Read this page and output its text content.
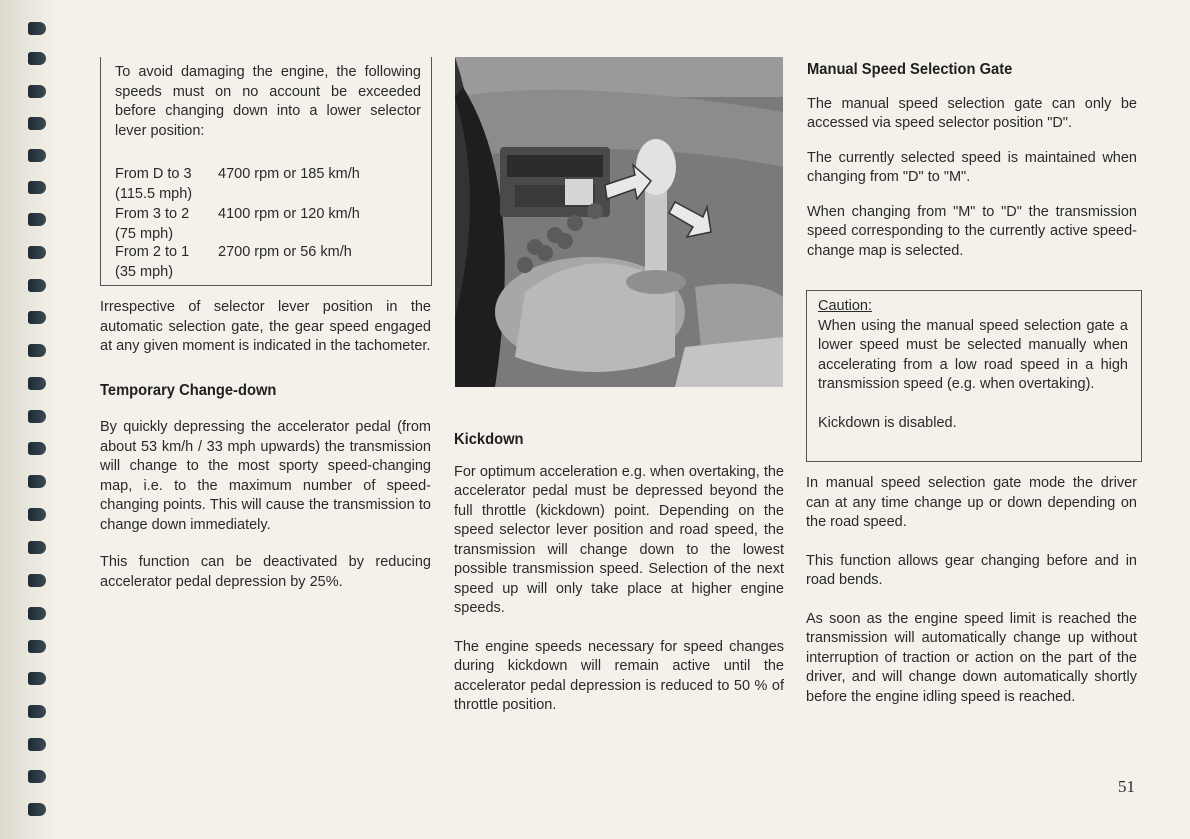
To avoid damaging the engine, the following speeds must on no account be exceeded before changing down into a lower selector lever position:
From D to 3
(115.5 mph)
4700 rpm or 185 km/h
From 3 to 2
(75 mph)
4100 rpm or 120 km/h
From 2 to 1
(35 mph)
2700 rpm or 56 km/h

Irrespective of selector lever position in the automatic selection gate, the gear speed engaged at any given moment is indicated in the tachometer.

Temporary Change-down

By quickly depressing the accelerator pedal (from about 53 km/h / 33 mph upwards) the transmission will change to the most sporty speed-changing map, i.e. to the maximum number of speed-changing points. This will cause the transmission to change down immediately.

This function can be deactivated by reducing accelerator pedal depression by 25%.

Kickdown

For optimum acceleration e.g. when overtaking, the accelerator pedal must be depressed beyond the full throttle (kickdown) point. Depending on the speed selector lever position and road speed, the transmission will change down to the lowest possible transmission speed. Selection of the next speed up will only take place at higher engine speeds.

The engine speeds necessary for speed changes during kickdown will remain active until the accelerator pedal depression is reduced to 50 % of throttle position.

Manual Speed Selection Gate

The manual speed selection gate can only be accessed via speed selector position "D".

The currently selected speed is maintained when changing from "D" to "M".

When changing from "M" to "D" the transmission speed corresponding to the currently active speed-change map is selected.

Caution:

When using the manual speed selection gate a lower speed must be selected manually when accelerating from a low road speed in a high transmission speed (e.g. when overtaking).

Kickdown is disabled.

In manual speed selection gate mode the driver can at any time change up or down depending on the road speed.

This function allows gear changing before and in road bends.

As soon as the engine speed limit is reached the transmission will automatically change up without interruption of traction or action on the part of the driver, and will change down automatically shortly before the engine idling speed is reached.

51
